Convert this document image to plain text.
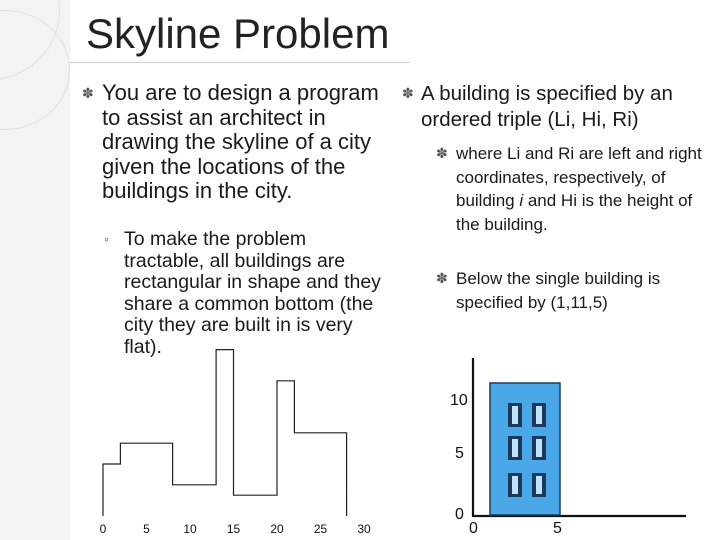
Skyline Problem
✽ You are to design a program to assist an architect in drawing the skyline of a city given the locations of the buildings in the city.
◦ To make the problem tractable, all buildings are rectangular in shape and they share a common bottom (the city they are built in is very flat).
✽ A building is specified by an ordered triple (Li, Hi, Ri)
✽ where Li and Ri are left and right coordinates, respectively, of building i and Hi is the height of the building.
✽ Below the single building is specified by (1,11,5)
0	5	10	15	20	25	30
10
5
0
0	5
